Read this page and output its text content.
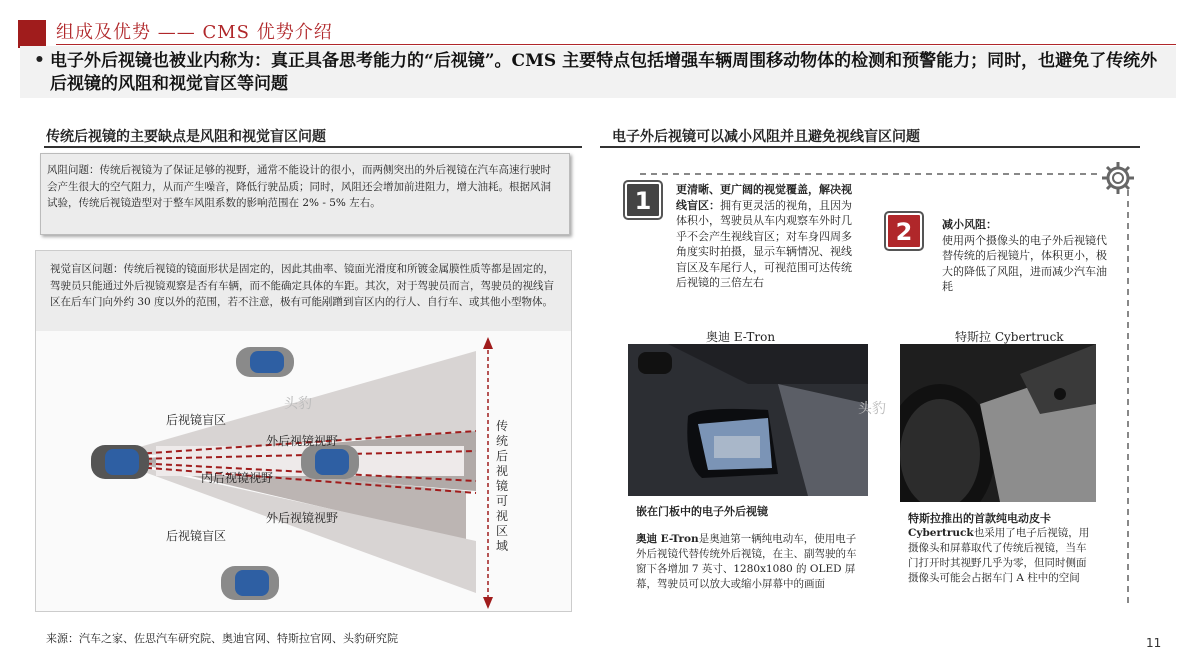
组成及优势 —— CMS 优势介绍
• 电子外后视镜也被业内称为：真正具备思考能力的“后视镜”。CMS 主要特点包括增强车辆周围移动物体的检测和预警能力；同时，也避免了传统外后视镜的风阻和视觉盲区等问题
传统后视镜的主要缺点是风阻和视觉盲区问题
风阻问题：传统后视镜为了保证足够的视野，通常不能设计的很小，而两侧突出的外后视镜在汽车高速行驶时会产生很大的空气阻力，从而产生噪音，降低行驶品质；同时，风阻还会增加前进阻力，增大油耗。根据风洞试验，传统后视镜造型对于整车风阻系数的影响范围在 2% - 5% 左右。
视觉盲区问题：传统后视镜的镜面形状是固定的，因此其曲率、镜面光滑度和所镀金属膜性质等都是固定的，驾驶员只能通过外后视镜观察是否有车辆，而不能确定具体的车距。其次，对于驾驶员而言，驾驶员的视线盲区在后车门向外约 30 度以外的范围，若不注意，极有可能剐蹭到盲区内的行人、自行车、或其他小型物体。
头豹
后视镜盲区
外后视镜视野
内后视镜视野
外后视镜视野
后视镜盲区
传统后视镜可视区域
电子外后视镜可以减小风阻并且避免视线盲区问题
1	更清晰、更广阔的视觉覆盖，解决视线盲区：拥有更灵活的视角，且因为体积小，驾驶员从车内观察车外时几乎不会产生视线盲区；对车身四周多角度实时拍摄，显示车辆情况、视线盲区及车尾行人，可视范围可达传统后视镜的三倍左右
2	减小风阻：
使用两个摄像头的电子外后视镜代替传统的后视镜片，体积更小，极大的降低了风阻，进而减少汽车油耗
奥迪 E-Tron
嵌在门板中的电子外后视镜
奥迪 E-Tron是奥迪第一辆纯电动车，使用电子外后视镜代替传统外后视镜，在主、副驾驶的车窗下各增加 7 英寸、1280x1080 的 OLED 屏幕，驾驶员可以放大或缩小屏幕中的画面
头豹
特斯拉 Cybertruck
特斯拉推出的首款纯电动皮卡
Cybertruck也采用了电子后视镜，用摄像头和屏幕取代了传统后视镜，当车门打开时其视野几乎为零，但同时侧面摄像头可能会占据车门 A 柱中的空间
来源：汽车之家、佐思汽车研究院、奥迪官网、特斯拉官网、头豹研究院	11
